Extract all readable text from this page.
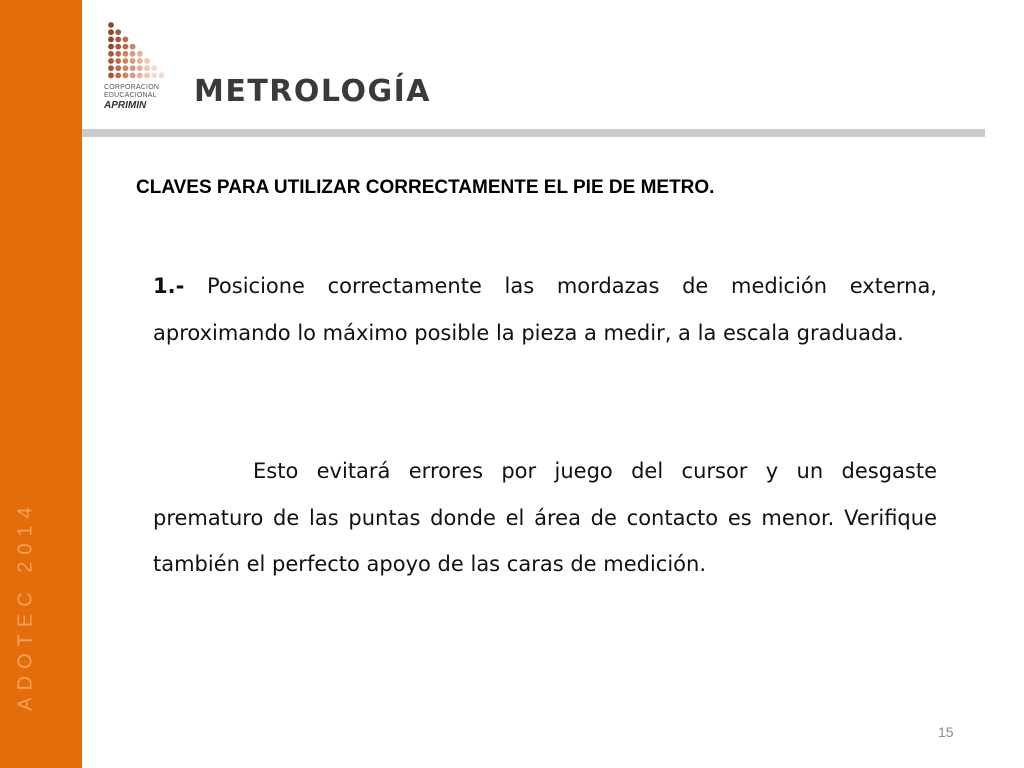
ADOTEC 2014
CORPORACION
EDUCACIONAL
APRIMIN	METROLOGÍA
CLAVES PARA UTILIZAR CORRECTAMENTE EL PIE DE METRO.

1.- Posicione correctamente las mordazas de medición externa, aproximando lo máximo posible la pieza a medir, a la escala graduada.

Esto evitará errores por juego del cursor y un desgaste prematuro de las puntas donde el área de contacto es menor. Verifique también el perfecto apoyo de las caras de medición.

15
